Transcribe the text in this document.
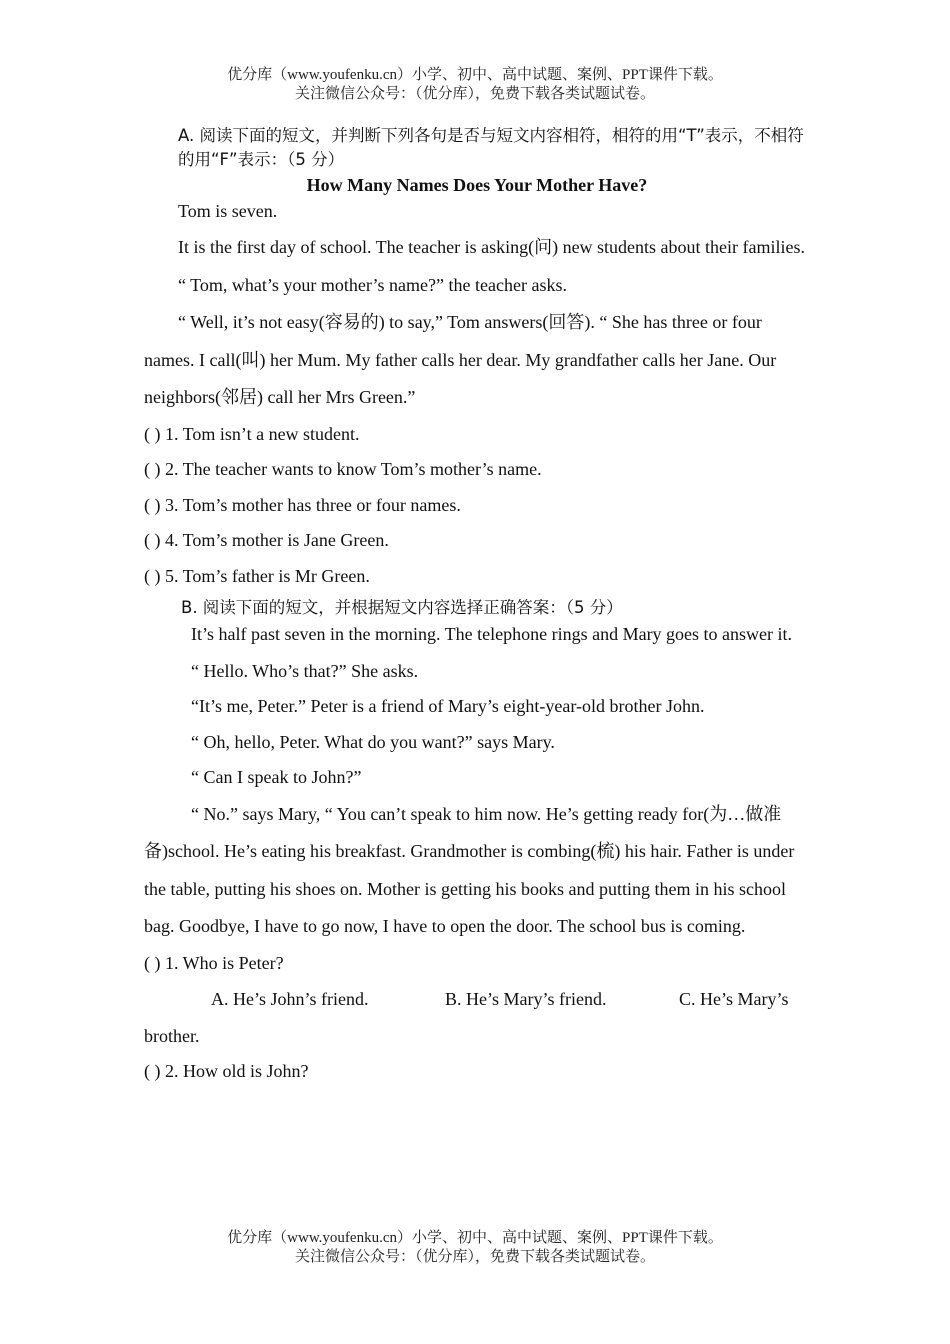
优分库（www.youfenku.cn）小学、初中、高中试题、案例、PPT课件下载。
关注微信公众号：（优分库），免费下载各类试题试卷。
A. 阅读下面的短文，并判断下列各句是否与短文内容相符，相符的用“T”表示，不相符的用“F”表示：（5 分）
How Many Names Does Your Mother Have?
Tom is seven.
It is the first day of school. The teacher is asking(问) new students about their families.
“ Tom, what’s your mother’s name?” the teacher asks.
“ Well, it’s not easy(容易的) to say,” Tom answers(回答). “ She has three or four names. I call(叫) her Mum. My father calls her dear. My grandfather calls her Jane. Our neighbors(邻居) call her Mrs Green.”
( ) 1. Tom isn’t a new student.
( ) 2. The teacher wants to know Tom’s mother’s name.
( ) 3. Tom’s mother has three or four names.
( ) 4. Tom’s mother is Jane Green.
( ) 5. Tom’s father is Mr Green.
B. 阅读下面的短文，并根据短文内容选择正确答案：（5 分）
It’s half past seven in the morning. The telephone rings and Mary goes to answer it.
“ Hello. Who’s that?” She asks.
“It’s me, Peter.” Peter is a friend of Mary’s eight-year-old brother John.
“ Oh, hello, Peter. What do you want?” says Mary.
“ Can I speak to John?”
“ No.” says Mary, “ You can’t speak to him now. He’s getting ready for(为…做准备)school. He’s eating his breakfast. Grandmother is combing(梳) his hair. Father is under the table, putting his shoes on. Mother is getting his books and putting them in his school bag. Goodbye, I have to go now, I have to open the door. The school bus is coming.
( ) 1. Who is Peter?
A. He’s John’s friend.	B. He’s Mary’s friend.	C. He’s Mary’s
brother.
( ) 2. How old is John?
优分库（www.youfenku.cn）小学、初中、高中试题、案例、PPT课件下载。
关注微信公众号：（优分库），免费下载各类试题试卷。
